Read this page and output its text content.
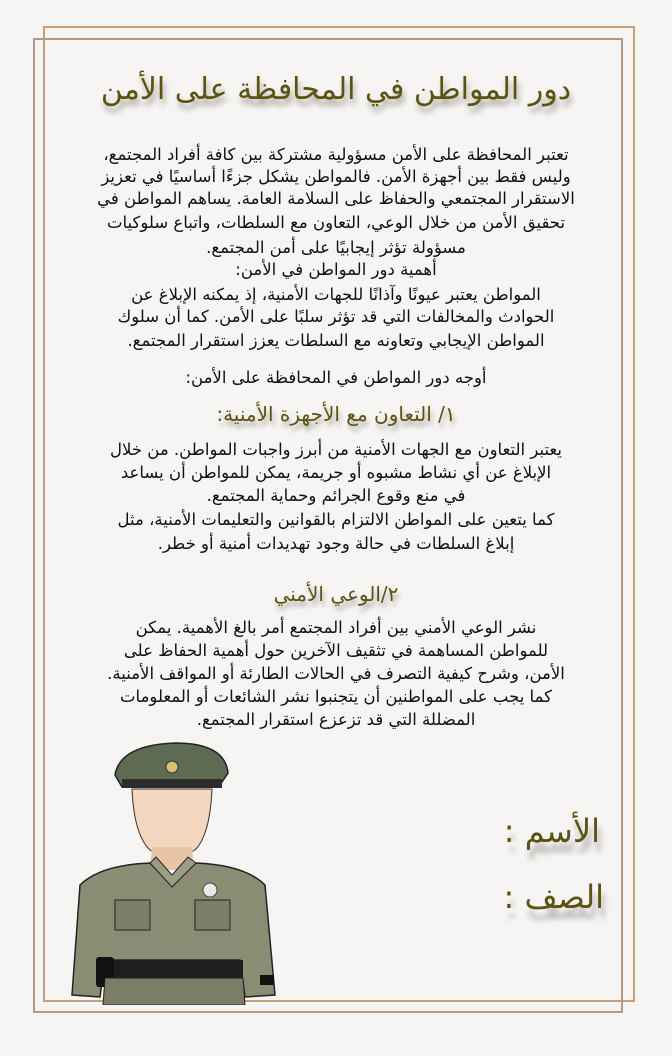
دور المواطن في المحافظة على الأمن
تعتبر المحافظة على الأمن مسؤولية مشتركة بين كافة أفراد المجتمع،
وليس فقط بين أجهزة الأمن. فالمواطن يشكل جزءًا أساسيًا في تعزيز
الاستقرار المجتمعي والحفاظ على السلامة العامة. يساهم المواطن في
تحقيق الأمن من خلال الوعي، التعاون مع السلطات، واتباع سلوكيات
مسؤولة تؤثر إيجابيًا على أمن المجتمع.
أهمية دور المواطن في الأمن:
المواطن يعتبر عيونًا وآذانًا للجهات الأمنية، إذ يمكنه الإبلاغ عن
الحوادث والمخالفات التي قد تؤثر سلبًا على الأمن. كما أن سلوك
المواطن الإيجابي وتعاونه مع السلطات يعزز استقرار المجتمع.
أوجه دور المواطن في المحافظة على الأمن:
١/ التعاون مع الأجهزة الأمنية:
يعتبر التعاون مع الجهات الأمنية من أبرز واجبات المواطن. من خلال
الإبلاغ عن أي نشاط مشبوه أو جريمة، يمكن للمواطن أن يساعد
في منع وقوع الجرائم وحماية المجتمع.
كما يتعين على المواطن الالتزام بالقوانين والتعليمات الأمنية، مثل
إبلاغ السلطات في حالة وجود تهديدات أمنية أو خطر.
٢/الوعي الأمني
نشر الوعي الأمني بين أفراد المجتمع أمر بالغ الأهمية. يمكن
للمواطن المساهمة في تثقيف الآخرين حول أهمية الحفاظ على
الأمن، وشرح كيفية التصرف في الحالات الطارئة أو المواقف الأمنية.
كما يجب على المواطنين أن يتجنبوا نشر الشائعات أو المعلومات
المضللة التي قد تزعزع استقرار المجتمع.
الأسم :
الصف :
